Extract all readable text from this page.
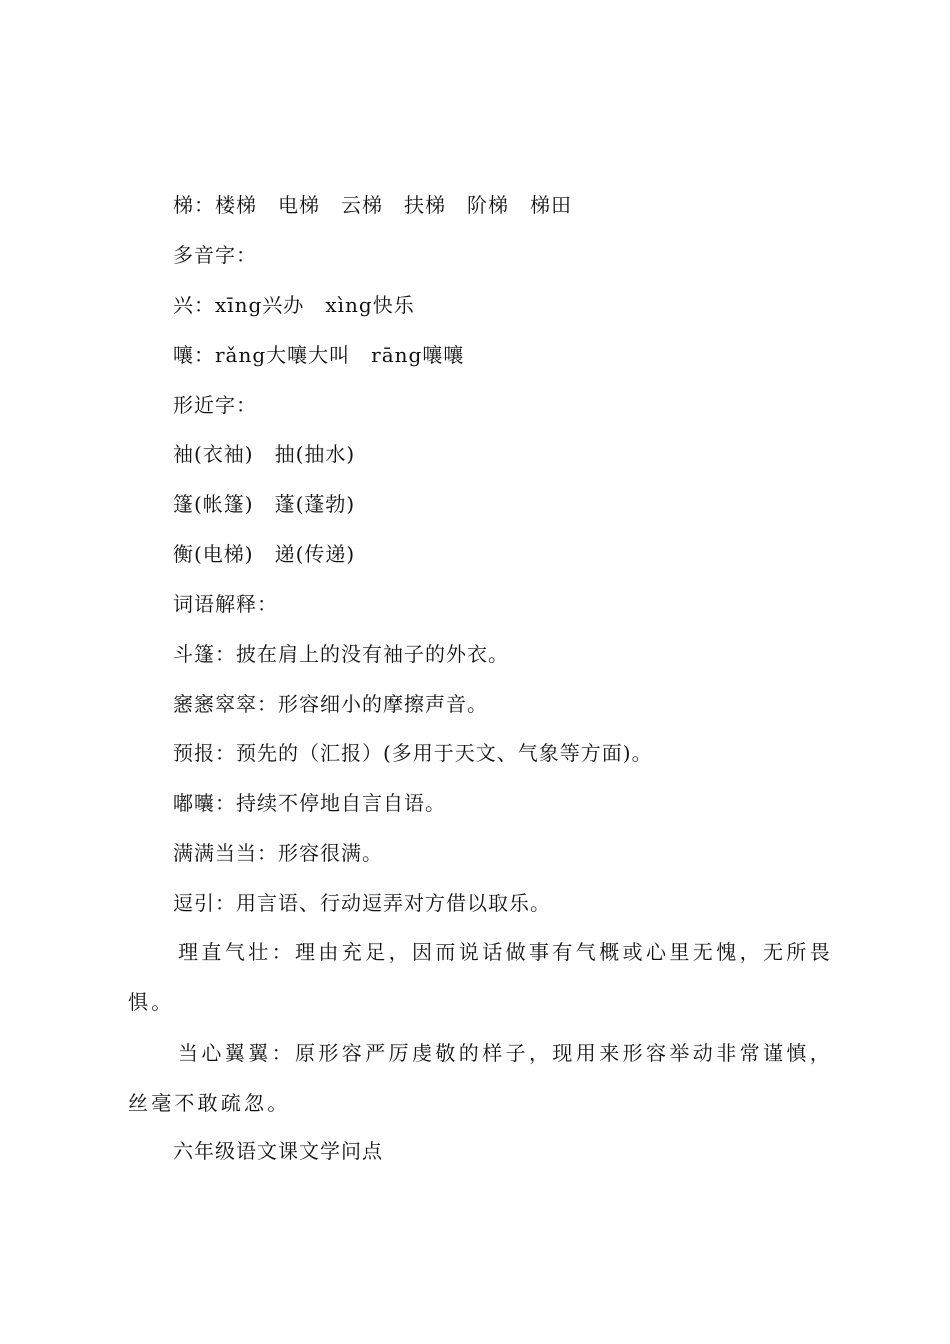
梯：楼梯　电梯　云梯　扶梯　阶梯　梯田
多音字：
兴：xīng兴办　xìng快乐
嚷：rǎng大嚷大叫　rāng嚷嚷
形近字：
袖(衣袖)　抽(抽水)
篷(帐篷)　蓬(蓬勃)
衡(电梯)　递(传递)
词语解释：
斗篷：披在肩上的没有袖子的外衣。
窸窸窣窣：形容细小的摩擦声音。
预报：预先的（汇报）(多用于天文、气象等方面)。
嘟囔：持续不停地自言自语。
满满当当：形容很满。
逗引：用言语、行动逗弄对方借以取乐。
理直气壮：理由充足，因而说话做事有气概或心里无愧，无所畏惧。
当心翼翼：原形容严厉虔敬的样子，现用来形容举动非常谨慎，丝毫不敢疏忽。
六年级语文课文学问点
